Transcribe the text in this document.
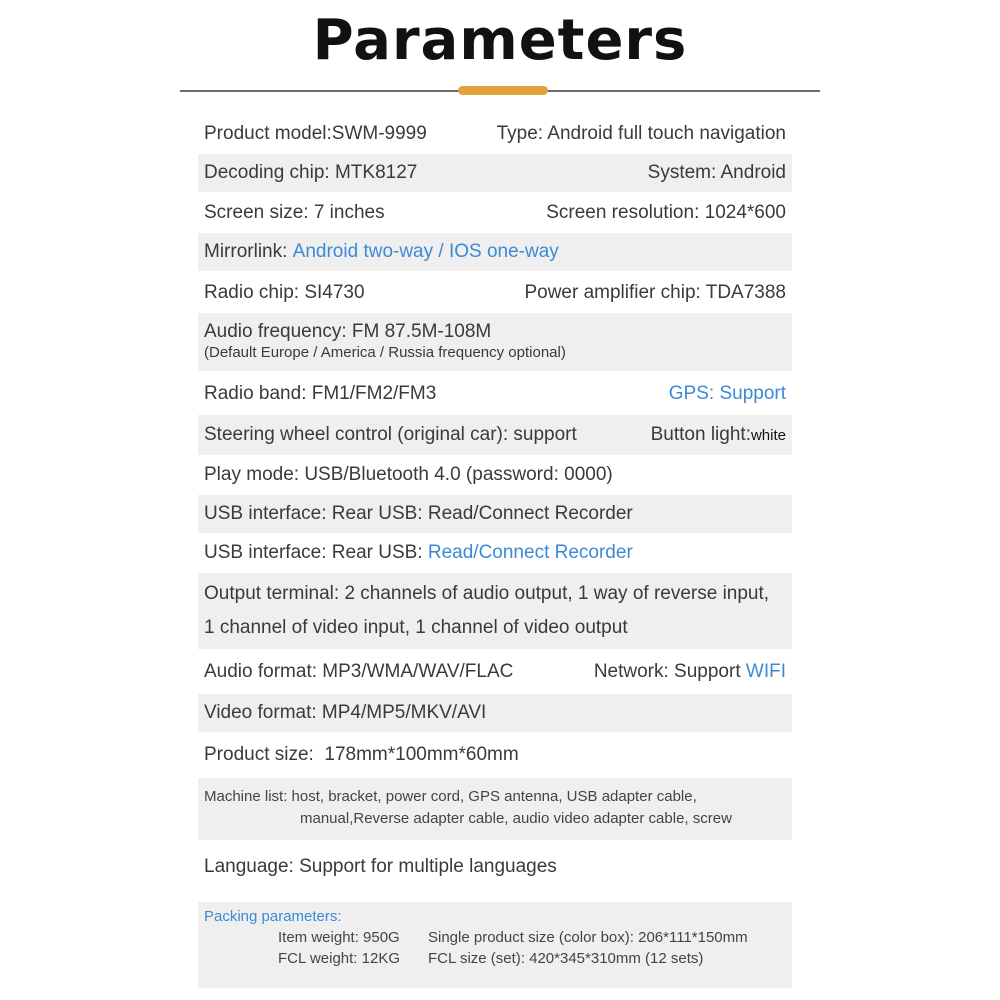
Parameters
Product model:SWM-9999	Type: Android full touch navigation
Decoding chip: MTK8127	System: Android
Screen size: 7 inches	Screen resolution: 1024*600
Mirrorlink: Android two-way / IOS one-way
Radio chip: SI4730	Power amplifier chip: TDA7388
Audio frequency: FM 87.5M-108M
(Default Europe / America / Russia frequency optional)
Radio band: FM1/FM2/FM3	GPS: Support
Steering wheel control (original car): support	Button light:white
Play mode: USB/Bluetooth 4.0 (password: 0000)
USB interface: Rear USB: Read/Connect Recorder
USB interface: Rear USB: Read/Connect Recorder
Output terminal: 2 channels of audio output, 1 way of reverse input,
1 channel of video input, 1 channel of video output
Audio format: MP3/WMA/WAV/FLAC	Network: Support WIFI
Video format: MP4/MP5/MKV/AVI
Product size:  178mm*100mm*60mm
Machine list: host, bracket, power cord, GPS antenna, USB adapter cable,
manual,Reverse adapter cable, audio video adapter cable, screw
Language: Support for multiple languages
Packing parameters:
Item weight: 950G	Single product size (color box): 206*111*150mm
FCL weight: 12KG	FCL size (set): 420*345*310mm (12 sets)
